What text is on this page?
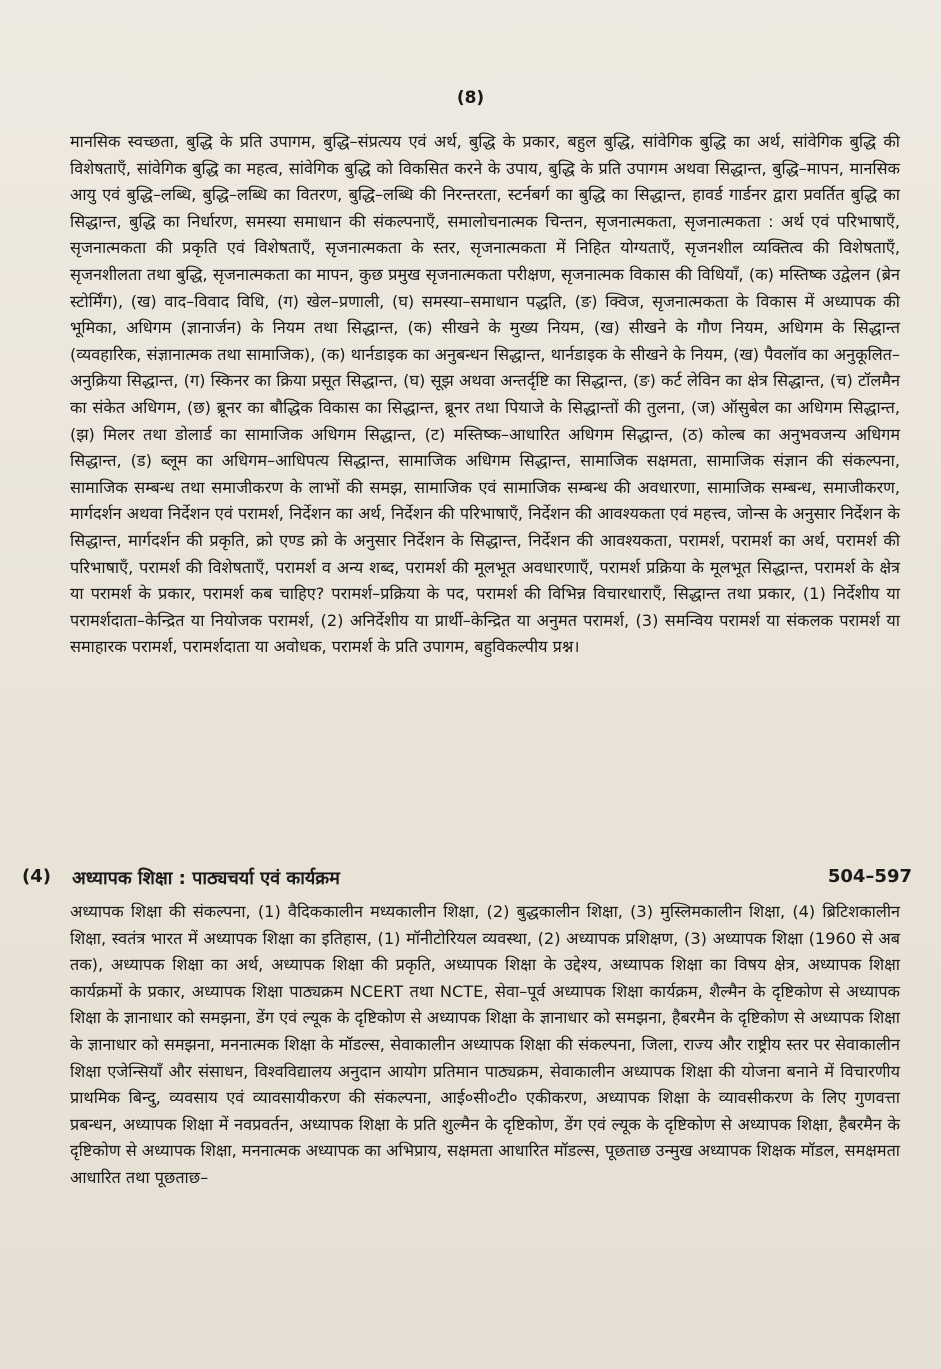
(8)

मानसिक स्वच्छता, बुद्धि के प्रति उपागम, बुद्धि–संप्रत्यय एवं अर्थ, बुद्धि के प्रकार, बहुल बुद्धि, सांवेगिक बुद्धि का अर्थ, सांवेगिक बुद्धि की विशेषताएँ, सांवेगिक बुद्धि का महत्व, सांवेगिक बुद्धि को विकसित करने के उपाय, बुद्धि के प्रति उपागम अथवा सिद्धान्त, बुद्धि–मापन, मानसिक आयु एवं बुद्धि–लब्धि, बुद्धि–लब्धि का वितरण, बुद्धि–लब्धि की निरन्तरता, स्टर्नबर्ग का बुद्धि का सिद्धान्त, हावर्ड गार्डनर द्वारा प्रवर्तित बुद्धि का सिद्धान्त, बुद्धि का निर्धारण, समस्या समाधान की संकल्पनाएँ, समालोचनात्मक चिन्तन, सृजनात्मकता, सृजनात्मकता : अर्थ एवं परिभाषाएँ, सृजनात्मकता की प्रकृति एवं विशेषताएँ, सृजनात्मकता के स्तर, सृजनात्मकता में निहित योग्यताएँ, सृजनशील व्यक्तित्व की विशेषताएँ, सृजनशीलता तथा बुद्धि, सृजनात्मकता का मापन, कुछ प्रमुख सृजनात्मकता परीक्षण, सृजनात्मक विकास की विधियाँ, (क) मस्तिष्क उद्वेलन (ब्रेन स्टोर्मिंग), (ख) वाद–विवाद विधि, (ग) खेल–प्रणाली, (घ) समस्या–समाधान पद्धति, (ङ) क्विज, सृजनात्मकता के विकास में अध्यापक की भूमिका, अधिगम (ज्ञानार्जन) के नियम तथा सिद्धान्त, (क) सीखने के मुख्य नियम, (ख) सीखने के गौण नियम, अधिगम के सिद्धान्त (व्यवहारिक, संज्ञानात्मक तथा सामाजिक), (क) थार्नडाइक का अनुबन्धन सिद्धान्त, थार्नडाइक के सीखने के नियम, (ख) पैवलॉव का अनुकूलित–अनुक्रिया सिद्धान्त, (ग) स्किनर का क्रिया प्रसूत सिद्धान्त, (घ) सूझ अथवा अन्तर्दृष्टि का सिद्धान्त, (ङ) कर्ट लेविन का क्षेत्र सिद्धान्त, (च) टॉलमैन का संकेत अधिगम, (छ) ब्रूनर का बौद्धिक विकास का सिद्धान्त, ब्रूनर तथा पियाजे के सिद्धान्तों की तुलना, (ज) ऑसुबेल का अधिगम सिद्धान्त, (झ) मिलर तथा डोलार्ड का सामाजिक अधिगम सिद्धान्त, (ट) मस्तिष्क–आधारित अधिगम सिद्धान्त, (ठ) कोल्ब का अनुभवजन्य अधिगम सिद्धान्त, (ड) ब्लूम का अधिगम–आधिपत्य सिद्धान्त, सामाजिक अधिगम सिद्धान्त, सामाजिक सक्षमता, सामाजिक संज्ञान की संकल्पना, सामाजिक सम्बन्ध तथा समाजीकरण के लाभों की समझ, सामाजिक एवं सामाजिक सम्बन्ध की अवधारणा, सामाजिक सम्बन्ध, समाजीकरण, मार्गदर्शन अथवा निर्देशन एवं परामर्श, निर्देशन का अर्थ, निर्देशन की परिभाषाएँ, निर्देशन की आवश्यकता एवं महत्त्व, जोन्स के अनुसार निर्देशन के सिद्धान्त, मार्गदर्शन की प्रकृति, क्रो एण्ड क्रो के अनुसार निर्देशन के सिद्धान्त, निर्देशन की आवश्यकता, परामर्श, परामर्श का अर्थ, परामर्श की परिभाषाएँ, परामर्श की विशेषताएँ, परामर्श व अन्य शब्द, परामर्श की मूलभूत अवधारणाएँ, परामर्श प्रक्रिया के मूलभूत सिद्धान्त, परामर्श के क्षेत्र या परामर्श के प्रकार, परामर्श कब चाहिए? परामर्श–प्रक्रिया के पद, परामर्श की विभिन्न विचारधाराएँ, सिद्धान्त तथा प्रकार, (1) निर्देशीय या परामर्शदाता–केन्द्रित या नियोजक परामर्श, (2) अनिर्देशीय या प्रार्थी–केन्द्रित या अनुमत परामर्श, (3) समन्विय परामर्श या संकलक परामर्श या समाहारक परामर्श, परामर्शदाता या अवोधक, परामर्श के प्रति उपागम, बहुविकल्पीय प्रश्न।

(4) अध्यापक शिक्षा : पाठ्यचर्या एवं कार्यक्रम	504–597

अध्यापक शिक्षा की संकल्पना, (1) वैदिककालीन मध्यकालीन शिक्षा, (2) बुद्धकालीन शिक्षा, (3) मुस्लिमकालीन शिक्षा, (4) ब्रिटिशकालीन शिक्षा, स्वतंत्र भारत में अध्यापक शिक्षा का इतिहास, (1) मॉनीटोरियल व्यवस्था, (2) अध्यापक प्रशिक्षण, (3) अध्यापक शिक्षा (1960 से अब तक), अध्यापक शिक्षा का अर्थ, अध्यापक शिक्षा की प्रकृति, अध्यापक शिक्षा के उद्देश्य, अध्यापक शिक्षा का विषय क्षेत्र, अध्यापक शिक्षा कार्यक्रमों के प्रकार, अध्यापक शिक्षा पाठ्यक्रम NCERT तथा NCTE, सेवा–पूर्व अध्यापक शिक्षा कार्यक्रम, शैल्मैन के दृष्टिकोण से अध्यापक शिक्षा के ज्ञानाधार को समझना, डेंग एवं ल्यूक के दृष्टिकोण से अध्यापक शिक्षा के ज्ञानाधार को समझना, हैबरमैन के दृष्टिकोण से अध्यापक शिक्षा के ज्ञानाधार को समझना, मननात्मक शिक्षा के मॉडल्स, सेवाकालीन अध्यापक शिक्षा की संकल्पना, जिला, राज्य और राष्ट्रीय स्तर पर सेवाकालीन शिक्षा एजेन्सियाँ और संसाधन, विश्वविद्यालय अनुदान आयोग प्रतिमान पाठ्यक्रम, सेवाकालीन अध्यापक शिक्षा की योजना बनाने में विचारणीय प्राथमिक बिन्दु, व्यवसाय एवं व्यावसायीकरण की संकल्पना, आई०सी०टी० एकीकरण, अध्यापक शिक्षा के व्यावसीकरण के लिए गुणवत्ता प्रबन्धन, अध्यापक शिक्षा में नवप्रवर्तन, अध्यापक शिक्षा के प्रति शुल्मैन के दृष्टिकोण, डेंग एवं ल्यूक के दृष्टिकोण से अध्यापक शिक्षा, हैबरमैन के दृष्टिकोण से अध्यापक शिक्षा, मननात्मक अध्यापक का अभिप्राय, सक्षमता आधारित मॉडल्स, पूछताछ उन्मुख अध्यापक शिक्षक मॉडल, समक्षमता आधारित तथा पूछताछ–
